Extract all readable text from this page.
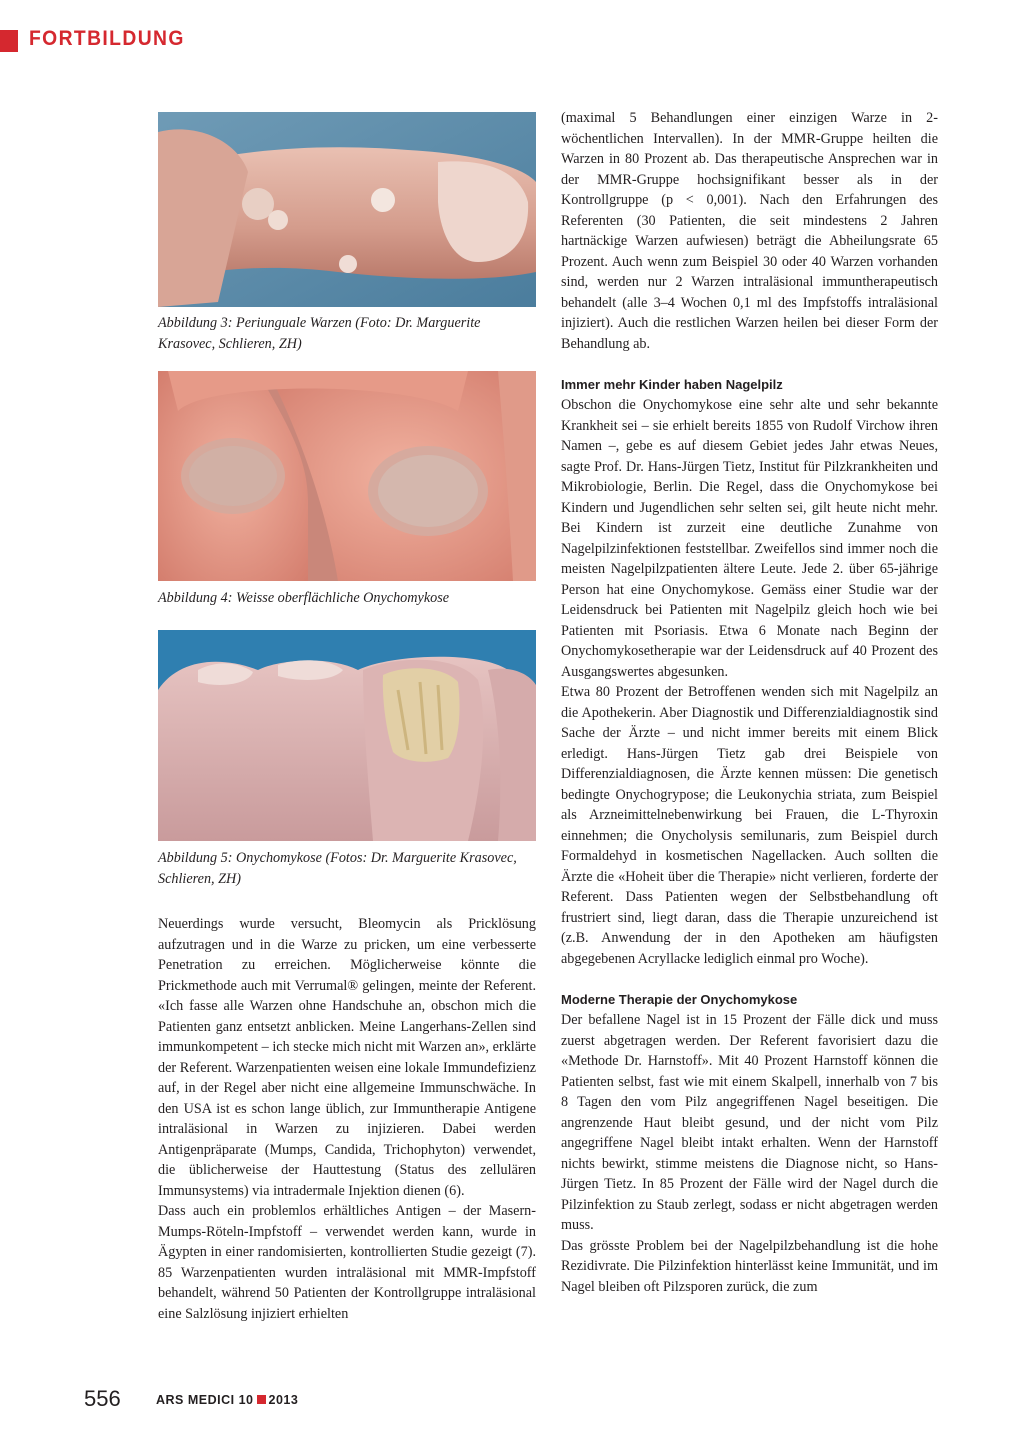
FORTBILDUNG
Abbildung 3: Periunguale Warzen (Foto: Dr. Marguerite Krasovec, Schlieren, ZH)
Abbildung 4: Weisse oberflächliche Onychomykose
Abbildung 5: Onychomykose (Fotos: Dr. Marguerite Krasovec, Schlieren, ZH)

Neuerdings wurde versucht, Bleomycin als Pricklösung aufzutragen und in die Warze zu pricken, um eine verbesserte Penetration zu erreichen. Möglicherweise könnte die Prickmethode auch mit Verrumal® gelingen, meinte der Referent. «Ich fasse alle Warzen ohne Handschuhe an, obschon mich die Patienten ganz entsetzt anblicken. Meine Langerhans-Zellen sind immunkompetent – ich stecke mich nicht mit Warzen an», erklärte der Referent. Warzenpatienten weisen eine lokale Immundefizienz auf, in der Regel aber nicht eine allgemeine Immunschwäche. In den USA ist es schon lange üblich, zur Immuntherapie Antigene intraläsional in Warzen zu injizieren. Dabei werden Antigenpräparate (Mumps, Candida, Trichophyton) verwendet, die üblicherweise der Hauttestung (Status des zellulären Immunsystems) via intradermale Injektion dienen (6).

Dass auch ein problemlos erhältliches Antigen – der Masern-Mumps-Röteln-Impfstoff – verwendet werden kann, wurde in Ägypten in einer randomisierten, kontrollierten Studie gezeigt (7). 85 Warzenpatienten wurden intraläsional mit MMR-Impfstoff behandelt, während 50 Patienten der Kontrollgruppe intraläsional eine Salzlösung injiziert erhielten

(maximal 5 Behandlungen einer einzigen Warze in 2-wöchentlichen Intervallen). In der MMR-Gruppe heilten die Warzen in 80 Prozent ab. Das therapeutische Ansprechen war in der MMR-Gruppe hochsignifikant besser als in der Kontrollgruppe (p < 0,001). Nach den Erfahrungen des Referenten (30 Patienten, die seit mindestens 2 Jahren hartnäckige Warzen aufwiesen) beträgt die Abheilungsrate 65 Prozent. Auch wenn zum Beispiel 30 oder 40 Warzen vorhanden sind, werden nur 2 Warzen intraläsional immuntherapeutisch behandelt (alle 3–4 Wochen 0,1 ml des Impfstoffs intraläsional injiziert). Auch die restlichen Warzen heilen bei dieser Form der Behandlung ab.

Immer mehr Kinder haben Nagelpilz

Obschon die Onychomykose eine sehr alte und sehr bekannte Krankheit sei – sie erhielt bereits 1855 von Rudolf Virchow ihren Namen –, gebe es auf diesem Gebiet jedes Jahr etwas Neues, sagte Prof. Dr. Hans-Jürgen Tietz, Institut für Pilzkrankheiten und Mikrobiologie, Berlin. Die Regel, dass die Onychomykose bei Kindern und Jugendlichen sehr selten sei, gilt heute nicht mehr. Bei Kindern ist zurzeit eine deutliche Zunahme von Nagelpilzinfektionen feststellbar. Zweifellos sind immer noch die meisten Nagelpilzpatienten ältere Leute. Jede 2. über 65-jährige Person hat eine Onychomykose. Gemäss einer Studie war der Leidensdruck bei Patienten mit Nagelpilz gleich hoch wie bei Patienten mit Psoriasis. Etwa 6 Monate nach Beginn der Onychomykosetherapie war der Leidensdruck auf 40 Prozent des Ausgangswertes abgesunken.

Etwa 80 Prozent der Betroffenen wenden sich mit Nagelpilz an die Apothekerin. Aber Diagnostik und Differenzialdiagnostik sind Sache der Ärzte – und nicht immer bereits mit einem Blick erledigt. Hans-Jürgen Tietz gab drei Beispiele von Differenzialdiagnosen, die Ärzte kennen müssen: Die genetisch bedingte Onychogrypose; die Leukonychia striata, zum Beispiel als Arzneimittelnebenwirkung bei Frauen, die L-Thyroxin einnehmen; die Onycholysis semilunaris, zum Beispiel durch Formaldehyd in kosmetischen Nagellacken. Auch sollten die Ärzte die «Hoheit über die Therapie» nicht verlieren, forderte der Referent. Dass Patienten wegen der Selbstbehandlung oft frustriert sind, liegt daran, dass die Therapie unzureichend ist (z.B. Anwendung der in den Apotheken am häufigsten abgegebenen Acryllacke lediglich einmal pro Woche).

Moderne Therapie der Onychomykose

Der befallene Nagel ist in 15 Prozent der Fälle dick und muss zuerst abgetragen werden. Der Referent favorisiert dazu die «Methode Dr. Harnstoff». Mit 40 Prozent Harnstoff können die Patienten selbst, fast wie mit einem Skalpell, innerhalb von 7 bis 8 Tagen den vom Pilz angegriffenen Nagel beseitigen. Die angrenzende Haut bleibt gesund, und der nicht vom Pilz angegriffene Nagel bleibt intakt erhalten. Wenn der Harnstoff nichts bewirkt, stimme meistens die Diagnose nicht, so Hans-Jürgen Tietz. In 85 Prozent der Fälle wird der Nagel durch die Pilzinfektion zu Staub zerlegt, sodass er nicht abgetragen werden muss.

Das grösste Problem bei der Nagelpilzbehandlung ist die hohe Rezidivrate. Die Pilzinfektion hinterlässt keine Immunität, und im Nagel bleiben oft Pilzsporen zurück, die zum

556	ARS MEDICI 10 2013
